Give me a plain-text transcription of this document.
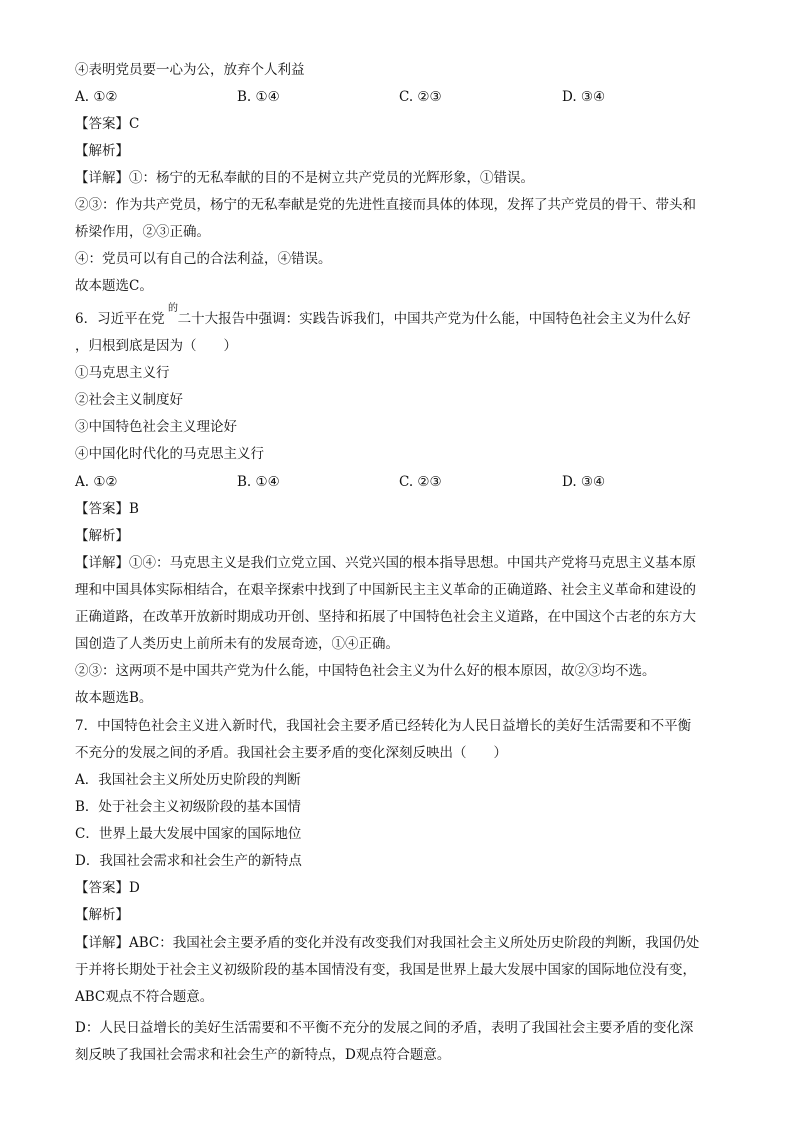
④表明党员要一心为公，放弃个人利益
A. ①②	B. ①④	C. ②③	D. ③④
【答案】C
【解析】
【详解】①：杨宁的无私奉献的目的不是树立共产党员的光辉形象，①错误。
②③：作为共产党员，杨宁的无私奉献是党的先进性直接而具体的体现，发挥了共产党员的骨干、带头和
桥梁作用，②③正确。
④：党员可以有自己的合法利益，④错误。
故本题选C。
6．习近平在党 二十大报告中强调：实践告诉我们，中国共产党为什么能，中国特色社会主义为什么好
的
，归根到底是因为（　　）
①马克思主义行
②社会主义制度好
③中国特色社会主义理论好
④中国化时代化的马克思主义行
A. ①②	B. ①④	C. ②③	D. ③④
【答案】B
【解析】
【详解】①④：马克思主义是我们立党立国、兴党兴国的根本指导思想。中国共产党将马克思主义基本原
理和中国具体实际相结合，在艰辛探索中找到了中国新民主主义革命的正确道路、社会主义革命和建设的
正确道路，在改革开放新时期成功开创、坚持和拓展了中国特色社会主义道路，在中国这个古老的东方大
国创造了人类历史上前所未有的发展奇迹，①④正确。
②③：这两项不是中国共产党为什么能，中国特色社会主义为什么好的根本原因，故②③均不选。
故本题选B。
7．中国特色社会主义进入新时代，我国社会主要矛盾已经转化为人民日益增长的美好生活需要和不平衡
不充分的发展之间的矛盾。我国社会主要矛盾的变化深刻反映出（　　）
A．我国社会主义所处历史阶段的判断
B．处于社会主义初级阶段的基本国情
C．世界上最大发展中国家的国际地位
D．我国社会需求和社会生产的新特点
【答案】D
【解析】
【详解】ABC：我国社会主要矛盾的变化并没有改变我们对我国社会主义所处历史阶段的判断，我国仍处
于并将长期处于社会主义初级阶段的基本国情没有变，我国是世界上最大发展中国家的国际地位没有变，
ABC观点不符合题意。
D：人民日益增长的美好生活需要和不平衡不充分的发展之间的矛盾，表明了我国社会主要矛盾的变化深
刻反映了我国社会需求和社会生产的新特点，D观点符合题意。
